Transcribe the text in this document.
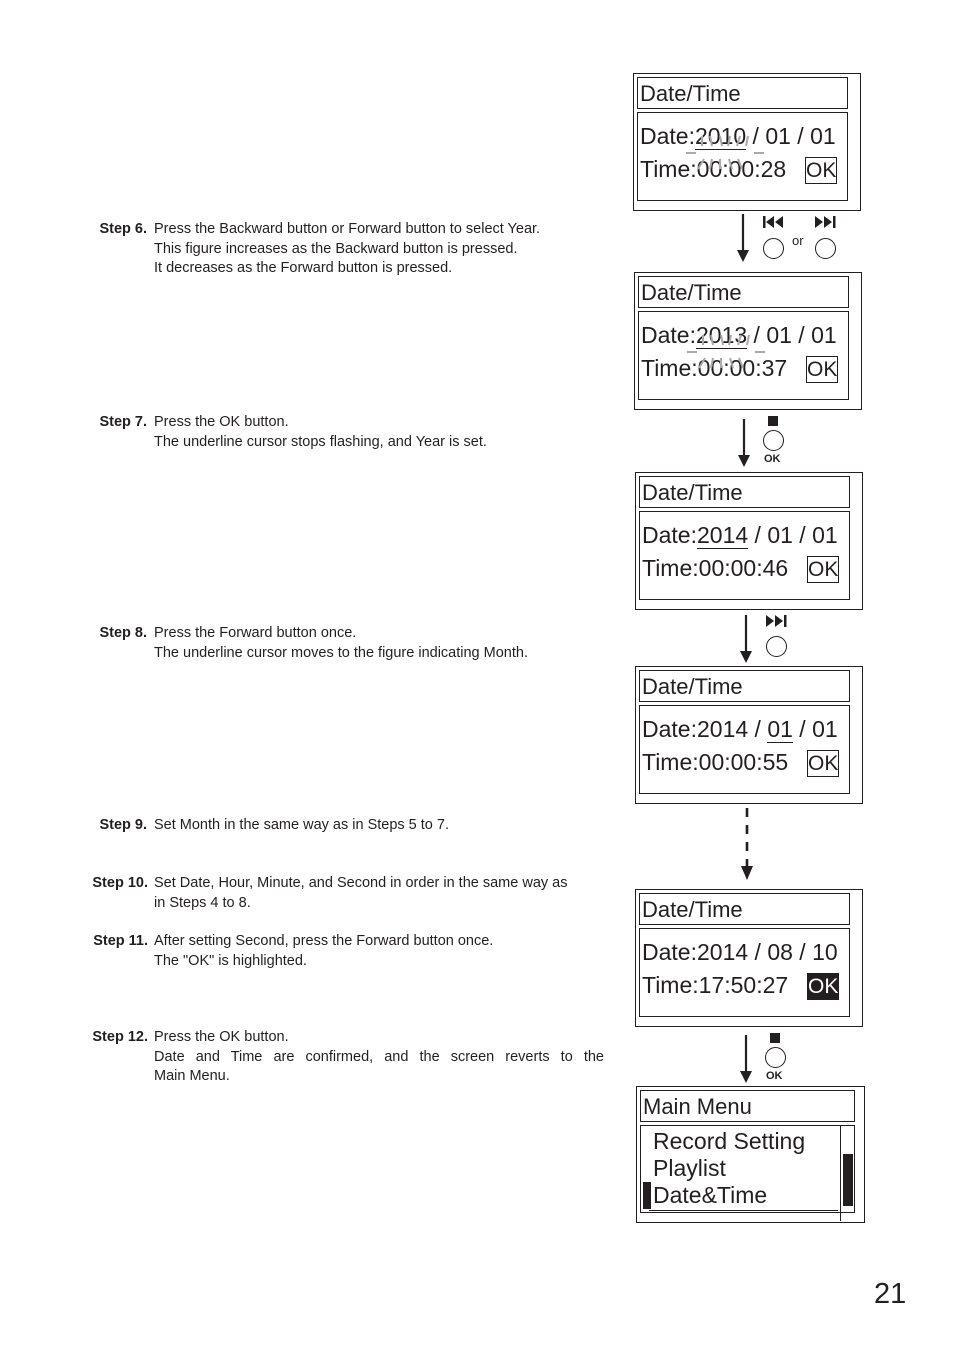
Step 6. Press the Backward button or Forward button to select Year.
This figure increases as the Backward button is pressed.
It decreases as the Forward button is pressed.
Step 7. Press the OK button.
The underline cursor stops flashing, and Year is set.
Step 8. Press the Forward button once.
The underline cursor moves to the figure indicating Month.
Step 9. Set Month in the same way as in Steps 5 to 7.
Step 10. Set Date, Hour, Minute, and Second in order in the same way as
in Steps 4 to 8.
Step 11. After setting Second, press the Forward button once.
The "OK" is highlighted.
Step 12. Press the OK button.
Date and Time are confirmed, and the screen reverts to the
Main Menu.
Date/Time
Date:2010 / 01 / 01
Time:00:00:28 OK
or
Date/Time
Date:2013 / 01 / 01
Time:00:00:37 OK
OK
Date/Time
Date:2014 / 01 / 01
Time:00:00:46 OK
Date/Time
Date:2014 / 01 / 01
Time:00:00:55 OK
Date/Time
Date:2014 / 08 / 10
Time:17:50:27 OK
OK
Main Menu
Record Setting
Playlist
Date&Time
21
